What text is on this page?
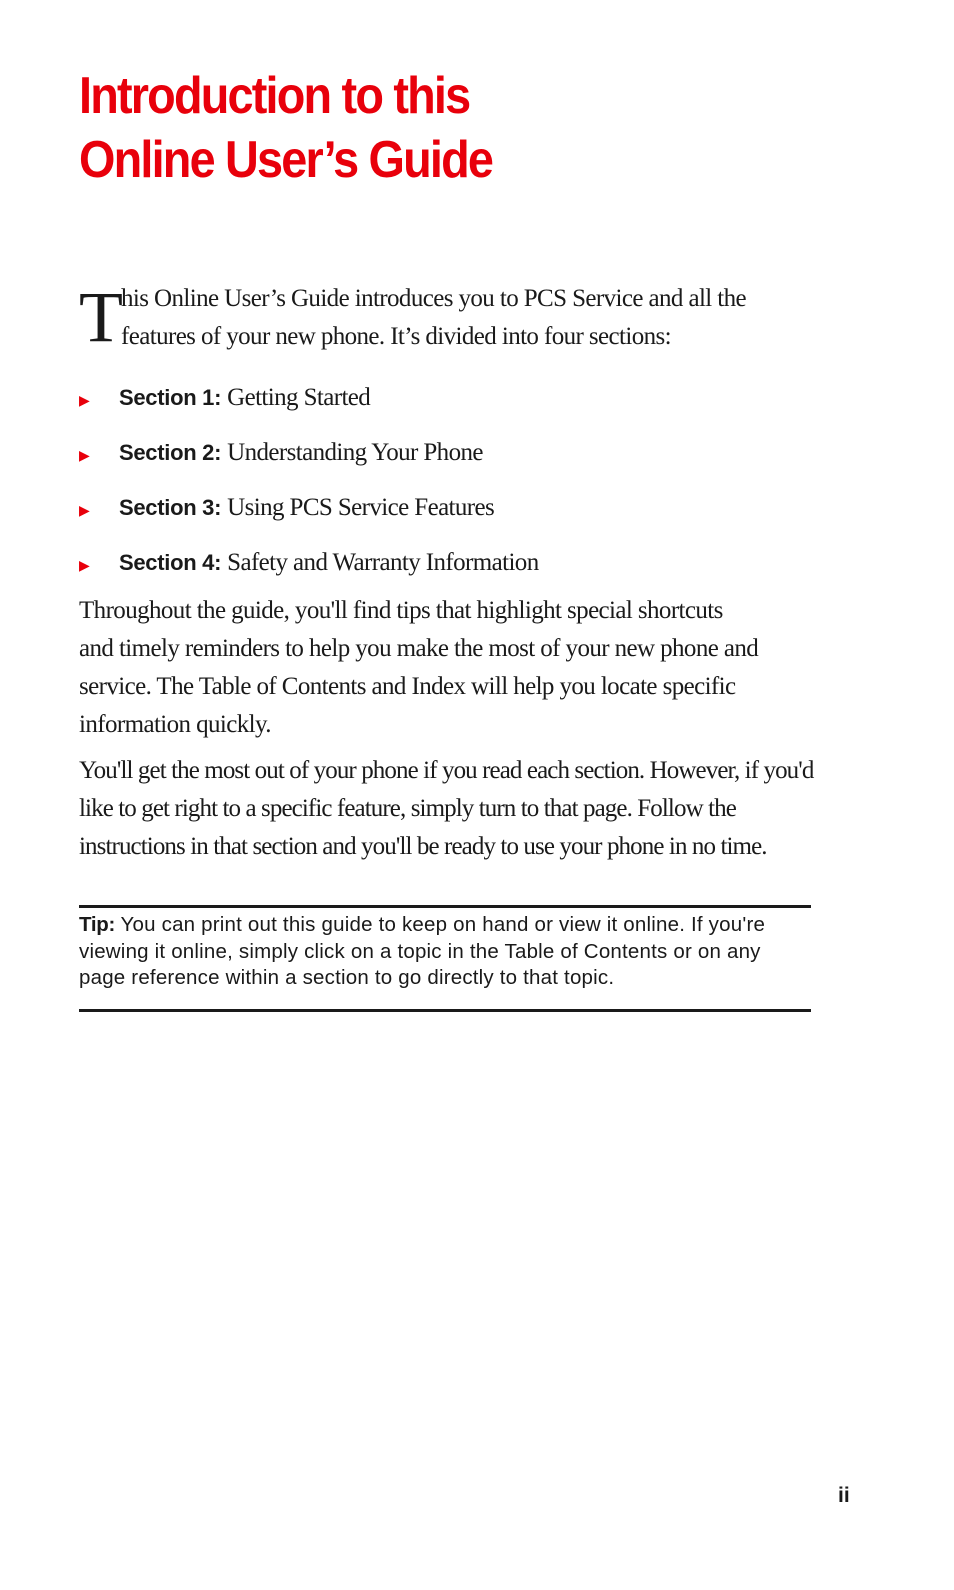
Introduction to this
Online User’s Guide
T
his Online User’s Guide introduces you to PCS Service and all the
features of your new phone. It’s divided into four sections:
▶	Section 1: Getting Started
▶	Section 2: Understanding Your Phone
▶	Section 3: Using PCS Service Features
▶	Section 4: Safety and Warranty Information

Throughout the guide, you'll find tips that highlight special shortcuts
and timely reminders to help you make the most of your new phone and
service. The Table of Contents and Index will help you locate specific
information quickly.

You'll get the most out of your phone if you read each section. However, if you'd
like to get right to a specific feature, simply turn to that page. Follow the
instructions in that section and you'll be ready to use your phone in no time.

Tip: You can print out this guide to keep on hand or view it online. If you're
viewing it online, simply click on a topic in the Table of Contents or on any
page reference within a section to go directly to that topic.

ii
